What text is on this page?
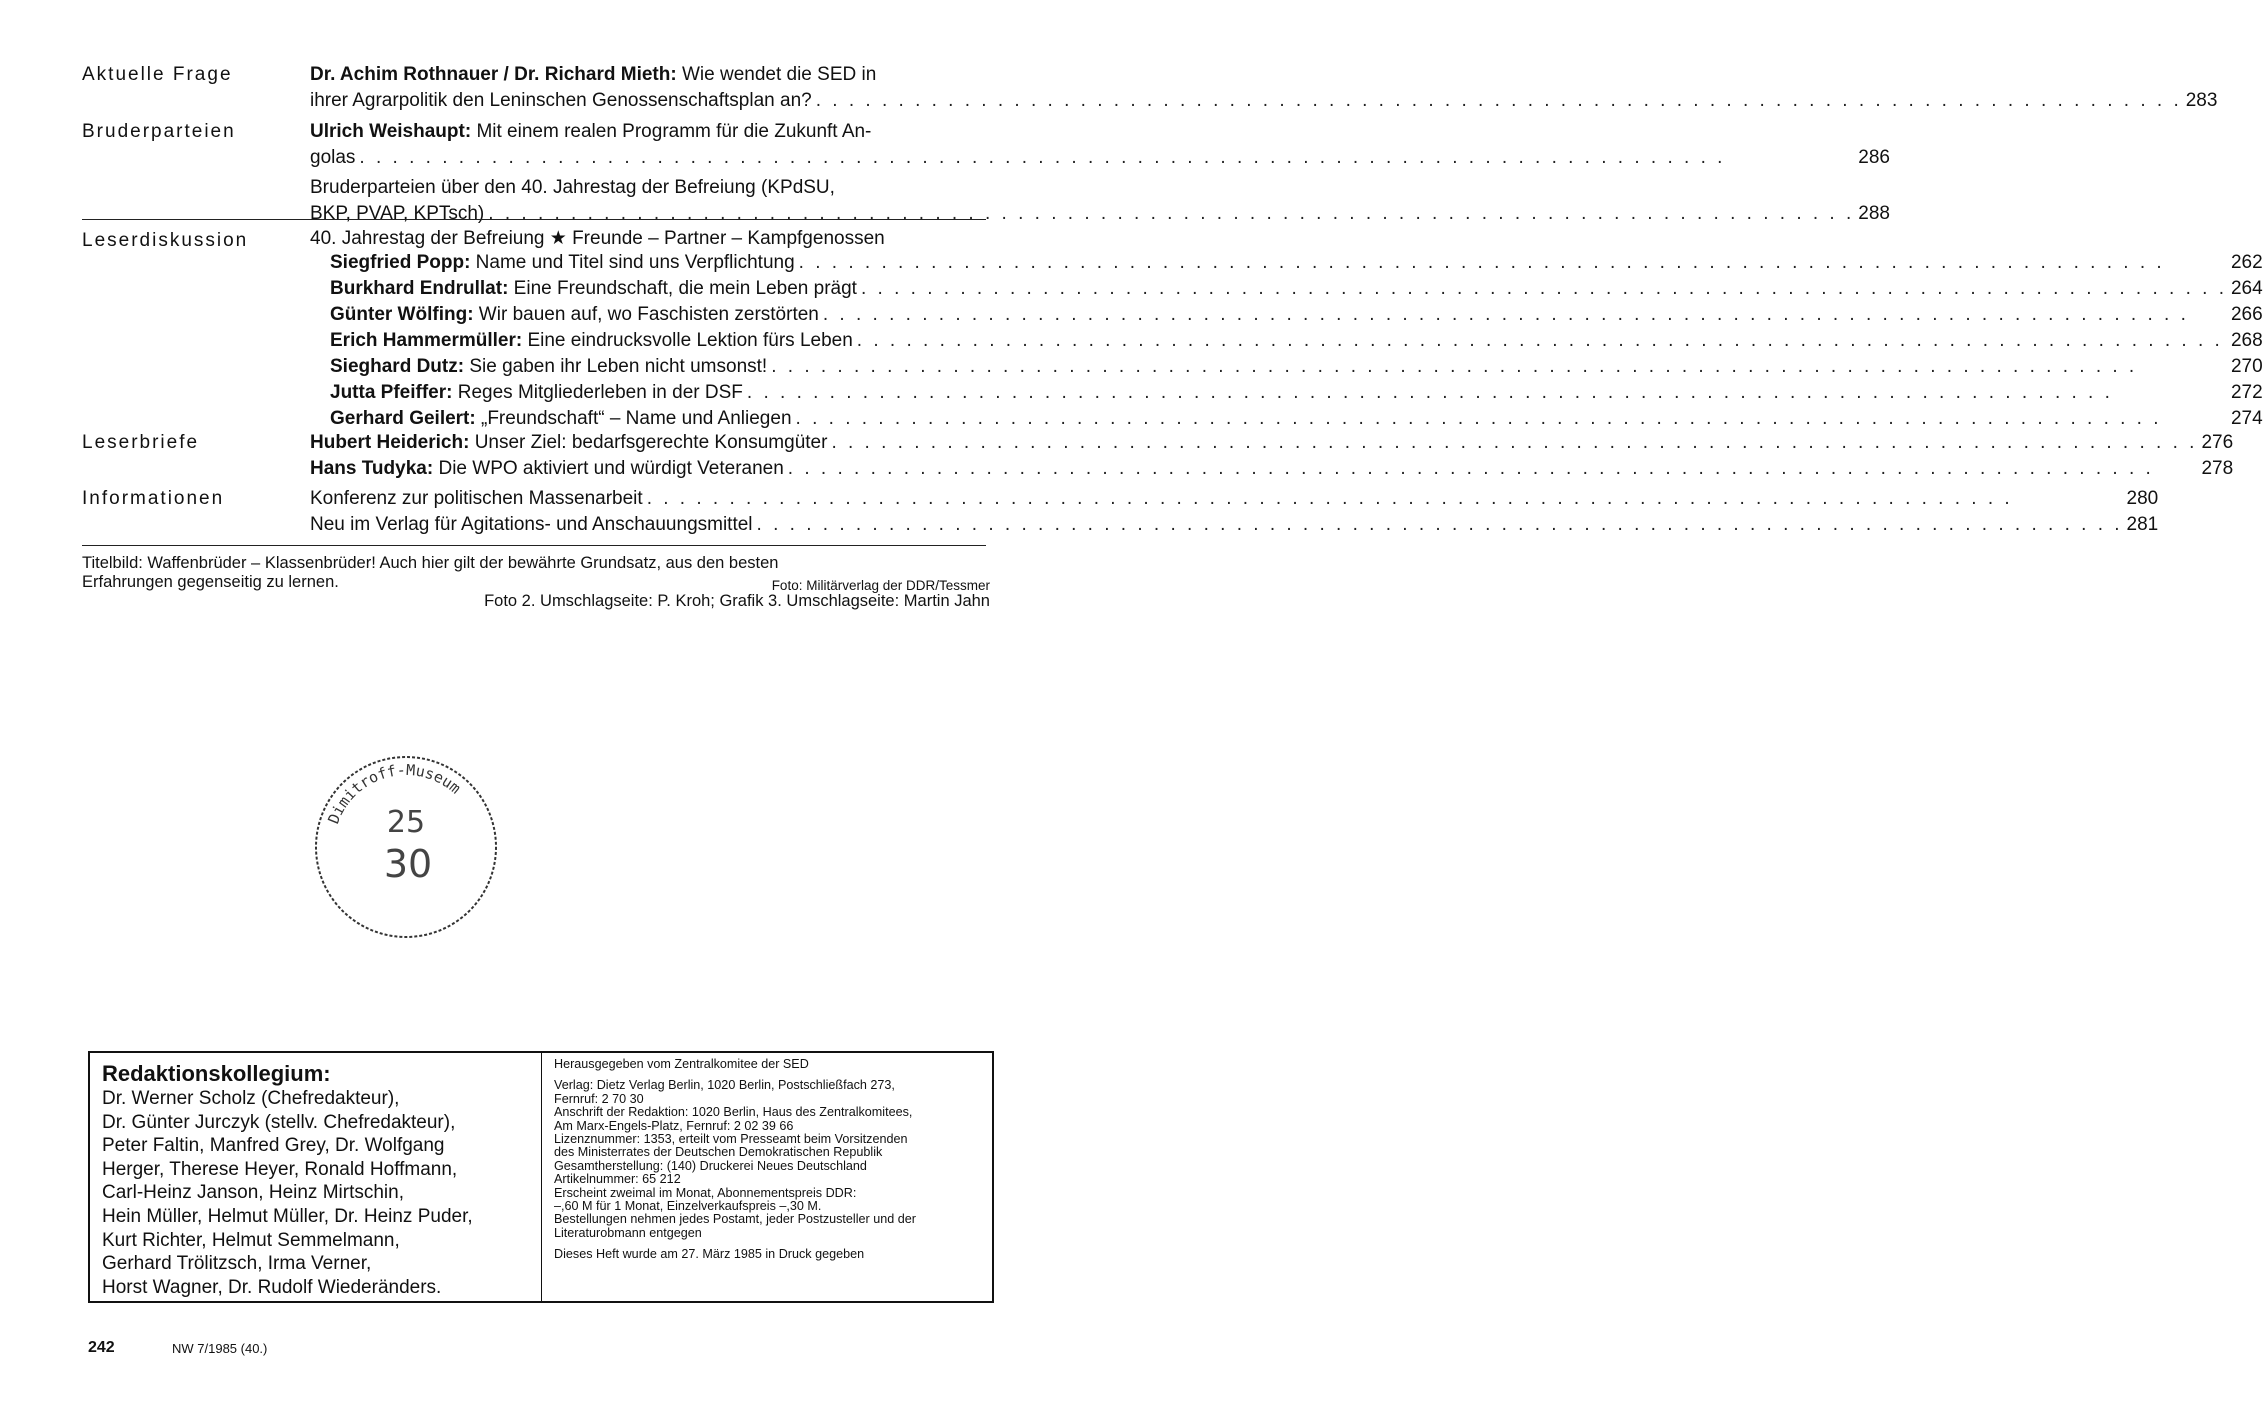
Aktuelle Frage	Dr. Achim Rothnauer / Dr. Richard Mieth: Wie wendet die SED in
ihrer Agrarpolitik den Leninschen Genossenschaftsplan an? . . .	283
Bruderparteien	Ulrich Weishaupt: Mit einem realen Programm für die Zukunft An-
golas . . .	286
Bruderparteien über den 40. Jahrestag der Befreiung (KPdSU,
BKP, PVAP, KPTsch) . . .	288
Leserdiskussion	40. Jahrestag der Befreiung ★ Freunde – Partner – Kampfgenossen
Siegfried Popp: Name und Titel sind uns Verpflichtung . . .	262
Burkhard Endrullat: Eine Freundschaft, die mein Leben prägt . . .	264
Günter Wölfing: Wir bauen auf, wo Faschisten zerstörten . . .	266
Erich Hammermüller: Eine eindrucksvolle Lektion fürs Leben . . .	268
Sieghard Dutz: Sie gaben ihr Leben nicht umsonst! . . .	270
Jutta Pfeiffer: Reges Mitgliederleben in der DSF . . .	272
Gerhard Geilert: „Freundschaft“ – Name und Anliegen . . .	274
Leserbriefe	Hubert Heiderich: Unser Ziel: bedarfsgerechte Konsumgüter . . .	276
Hans Tudyka: Die WPO aktiviert und würdigt Veteranen . . .	278
Informationen	Konferenz zur politischen Massenarbeit . . .	280
Neu im Verlag für Agitations- und Anschauungsmittel . . .	281
Titelbild: Waffenbrüder – Klassenbrüder! Auch hier gilt der bewährte Grundsatz, aus den besten
Erfahrungen gegenseitig zu lernen.	Foto: Militärverlag der DDR/Tessmer
Foto 2. Umschlagseite: P. Kroh; Grafik 3. Umschlagseite: Martin Jahn
Dimitroff-Museum
25
30
Redaktionskollegium:
Dr. Werner Scholz (Chefredakteur),
Dr. Günter Jurczyk (stellv. Chefredakteur),
Peter Faltin, Manfred Grey, Dr. Wolfgang
Herger, Therese Heyer, Ronald Hoffmann,
Carl-Heinz Janson, Heinz Mirtschin,
Hein Müller, Helmut Müller, Dr. Heinz Puder,
Kurt Richter, Helmut Semmelmann,
Gerhard Trölitzsch, Irma Verner,
Horst Wagner, Dr. Rudolf Wiederänders.
Herausgegeben vom Zentralkomitee der SED
Verlag: Dietz Verlag Berlin, 1020 Berlin, Postschließfach 273,
Fernruf: 2 70 30
Anschrift der Redaktion: 1020 Berlin, Haus des Zentralkomitees,
Am Marx-Engels-Platz, Fernruf: 2 02 39 66
Lizenznummer: 1353, erteilt vom Presseamt beim Vorsitzenden
des Ministerrates der Deutschen Demokratischen Republik
Gesamtherstellung: (140) Druckerei Neues Deutschland
Artikelnummer: 65 212
Erscheint zweimal im Monat, Abonnementspreis DDR:
–,60 M für 1 Monat, Einzelverkaufspreis –,30 M.
Bestellungen nehmen jedes Postamt, jeder Postzusteller und der
Literaturobmann entgegen
Dieses Heft wurde am 27. März 1985 in Druck gegeben
242	NW 7/1985 (40.)
